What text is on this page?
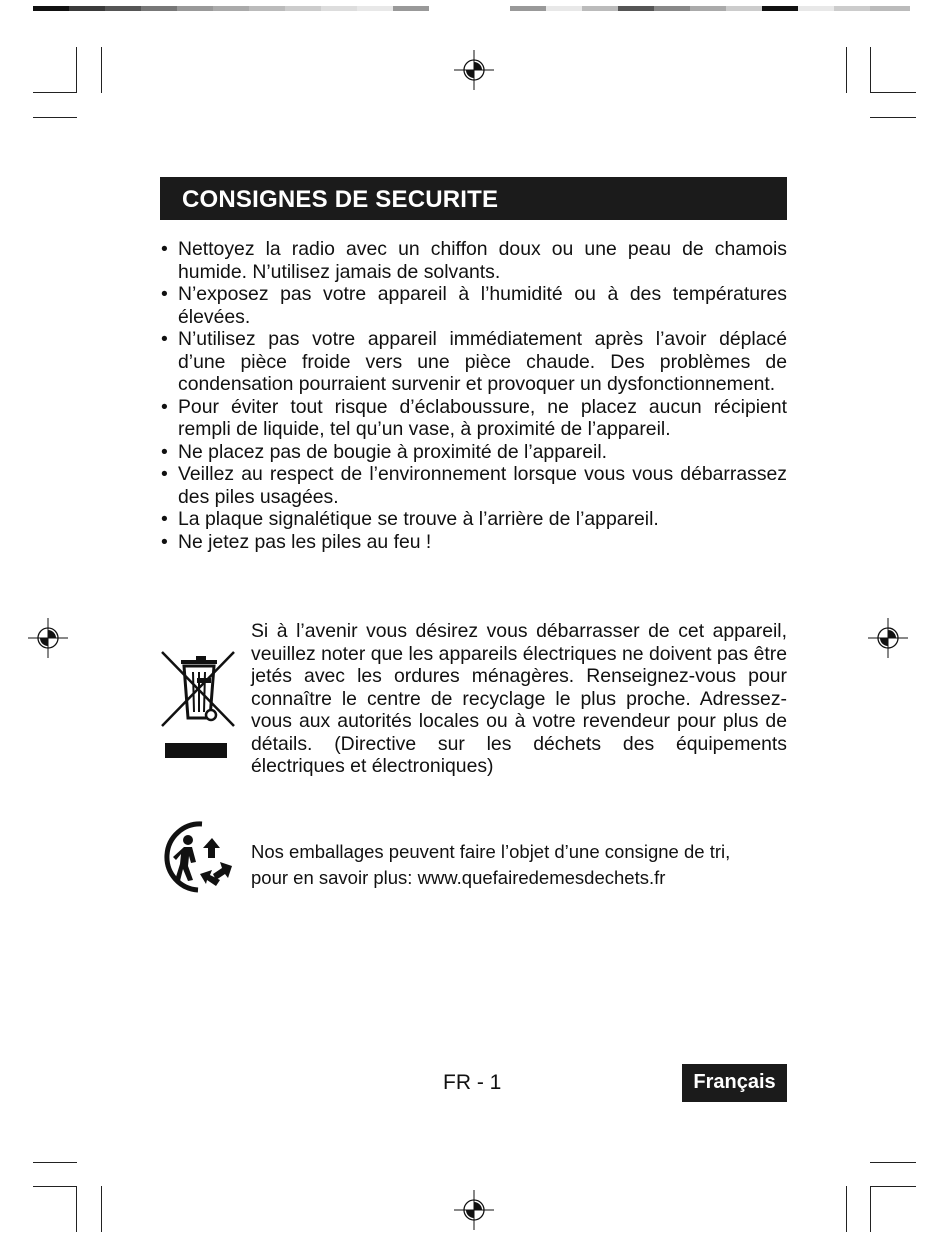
CONSIGNES DE SECURITE
• Nettoyez la radio avec un chiffon doux ou une peau de chamois humide. N’utilisez jamais de solvants.
• N’exposez pas votre appareil à l’humidité ou à des températures élevées.
• N’utilisez pas votre appareil immédiatement après l’avoir déplacé d’une pièce froide vers une pièce chaude. Des problèmes de condensation pourraient survenir et provoquer un dysfonctionnement.
• Pour éviter tout risque d’éclaboussure, ne placez aucun récipient rempli de liquide, tel qu’un vase, à proximité de l’appareil.
• Ne placez pas de bougie à proximité de l’appareil.
• Veillez au respect de l’environnement lorsque vous vous débarrassez des piles usagées.
• La plaque signalétique se trouve à l’arrière de l’appareil.
• Ne jetez pas les piles au feu !

Si à l’avenir vous désirez vous débarrasser de cet appareil, veuillez noter que les appareils électriques ne doivent pas être jetés avec les ordures ménagères. Renseignez-vous pour connaître le centre de recyclage le plus proche. Adressez-vous aux autorités locales ou à votre revendeur pour plus de détails. (Directive sur les déchets des équipements électriques et électroniques)

Nos emballages peuvent faire l’objet d’une consigne de tri,
pour en savoir plus: www.quefairedemesdechets.fr
FR - 1	Français
